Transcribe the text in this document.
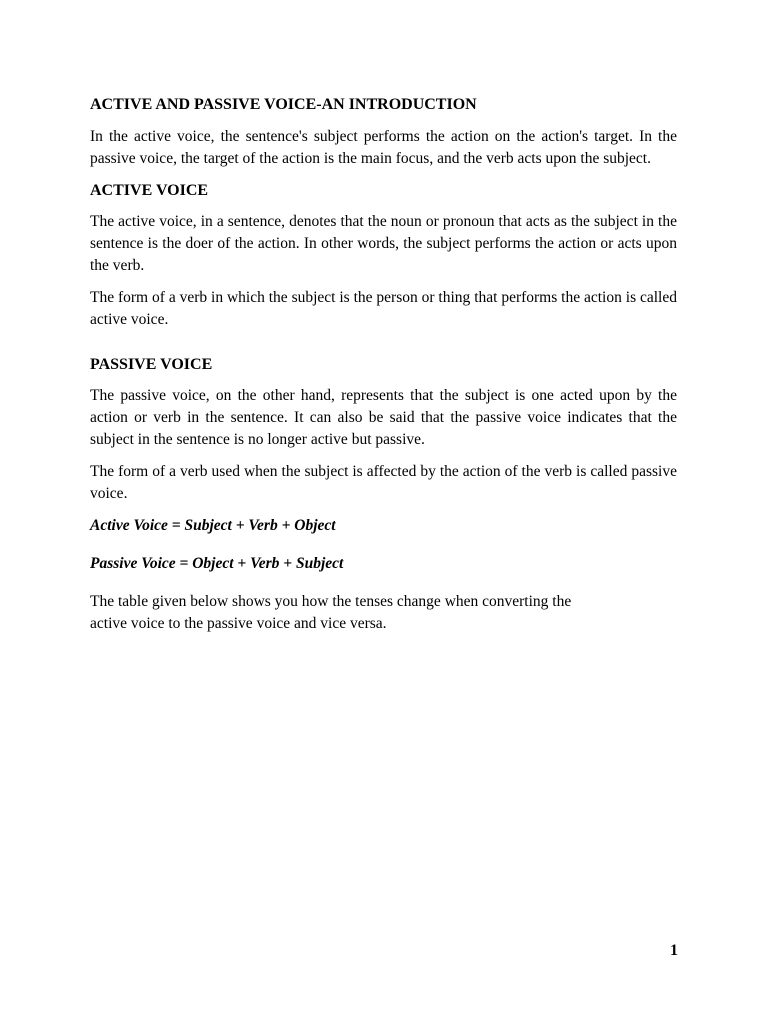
ACTIVE AND PASSIVE VOICE-AN INTRODUCTION

In the active voice, the sentence's subject performs the action on the action's target. In the passive voice, the target of the action is the main focus, and the verb acts upon the subject.

ACTIVE VOICE

The active voice, in a sentence, denotes that the noun or pronoun that acts as the subject in the sentence is the doer of the action. In other words, the subject performs the action or acts upon the verb.

The form of a verb in which the subject is the person or thing that performs the action is called active voice.

PASSIVE VOICE

The passive voice, on the other hand, represents that the subject is one acted upon by the action or verb in the sentence. It can also be said that the passive voice indicates that the subject in the sentence is no longer active but passive.

The form of a verb used when the subject is affected by the action of the verb is called passive voice.

Active Voice = Subject + Verb + Object

Passive Voice = Object + Verb + Subject

The table given below shows you how the tenses change when converting the

active voice to the passive voice and vice versa.

1
